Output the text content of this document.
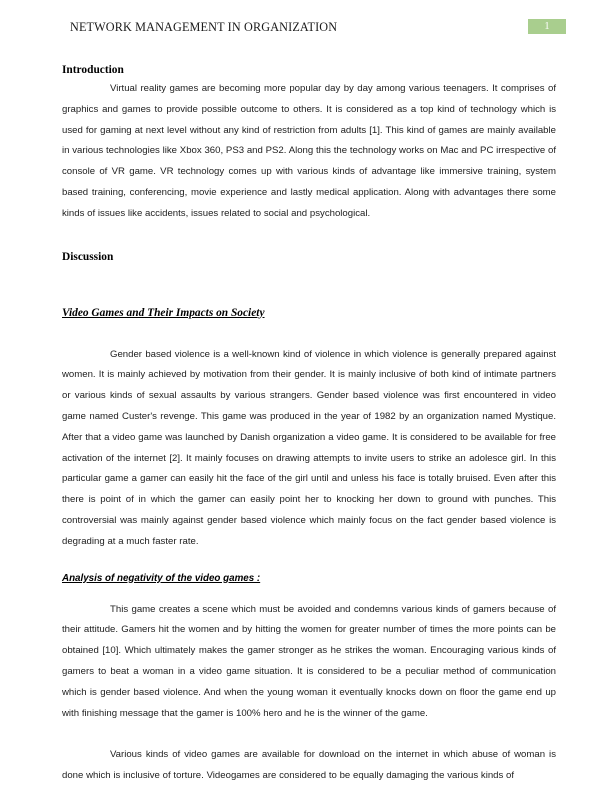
NETWORK MANAGEMENT IN ORGANIZATION	1
Introduction

Virtual reality games are becoming more popular day by day among various teenagers. It comprises of graphics and games to provide possible outcome to others. It is considered as a top kind of technology which is used for gaming at next level without any kind of restriction from adults [1]. This kind of games are mainly available in various technologies like Xbox 360, PS3 and PS2. Along this the technology works on Mac and PC irrespective of console of VR game. VR technology comes up with various kinds of advantage like immersive training, system based training, conferencing, movie experience and lastly medical application. Along with advantages there some kinds of issues like accidents, issues related to social and psychological.

Discussion
Video Games and Their Impacts on Society

Gender based violence is a well-known kind of violence in which violence is generally prepared against women. It is mainly achieved by motivation from their gender. It is mainly inclusive of both kind of intimate partners or various kinds of sexual assaults by various strangers. Gender based violence was first encountered in video game named Custer's revenge. This game was produced in the year of 1982 by an organization named Mystique. After that a video game was launched by Danish organization a video game. It is considered to be available for free activation of the internet [2]. It mainly focuses on drawing attempts to invite users to strike an adolesce girl. In this particular game a gamer can easily hit the face of the girl until and unless his face is totally bruised. Even after this there is point of in which the gamer can easily point her to knocking her down to ground with punches. This controversial was mainly against gender based violence which mainly focus on the fact gender based violence is degrading at a much faster rate.

Analysis of negativity of the video games :

This game creates a scene which must be avoided and condemns various kinds of gamers because of their attitude. Gamers hit the women and by hitting the women for greater number of times the more points can be obtained [10]. Which ultimately makes the gamer stronger as he strikes the woman. Encouraging various kinds of gamers to beat a woman in a video game situation. It is considered to be a peculiar method of communication which is gender based violence. And when the young woman it eventually knocks down on floor the game end up with finishing message that the gamer is 100% hero and he is the winner of the game.

Various kinds of video games are available for download on the internet in which abuse of woman is done which is inclusive of torture. Videogames are considered to be equally damaging the various kinds of
